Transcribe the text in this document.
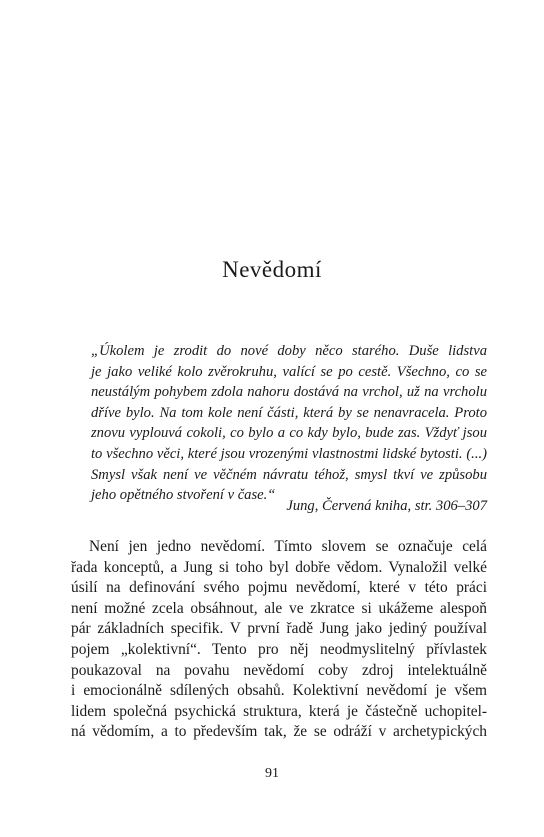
Nevědomí
„Úkolem je zrodit do nové doby něco starého. Duše lidstva
je jako veliké kolo zvěrokruhu, valící se po cestě. Všechno, co se
neustálým pohybem zdola nahoru dostává na vrchol, už na vrcholu
dříve bylo. Na tom kole není části, která by se nenavracela. Proto
znovu vyplouvá cokoli, co bylo a co kdy bylo, bude zas. Vždyť jsou
to všechno věci, které jsou vrozenými vlastnostmi lidské bytosti. (...)
Smysl však není ve věčném návratu téhož, smysl tkví ve způsobu
jeho opětného stvoření v čase.“
Jung, Červená kniha, str. 306–307
Není jen jedno nevědomí. Tímto slovem se označuje celá
řada konceptů, a Jung si toho byl dobře vědom. Vynaložil velké
úsilí na definování svého pojmu nevědomí, které v této práci
není možné zcela obsáhnout, ale ve zkratce si ukážeme alespoň
pár základních specifik. V první řadě Jung jako jediný používal
pojem „kolektivní“. Tento pro něj neodmyslitelný přívlastek
poukazoval na povahu nevědomí coby zdroj intelektuálně
i emocionálně sdílených obsahů. Kolektivní nevědomí je všem
lidem společná psychická struktura, která je částečně uchopitel-
ná vědomím, a to především tak, že se odráží v archetypických
91
